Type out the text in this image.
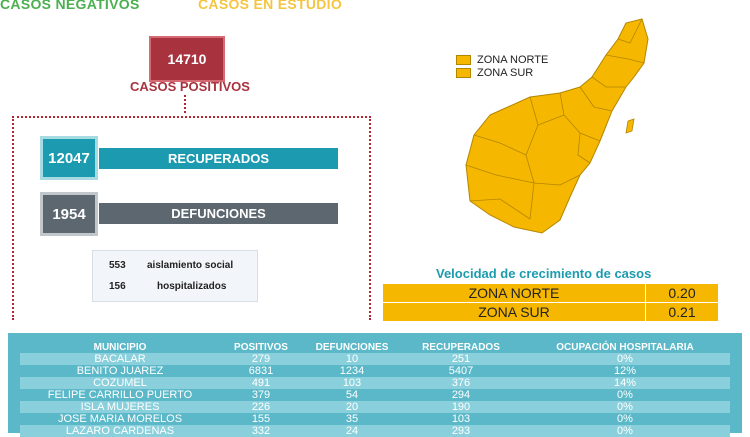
CASOS NEGATIVOS	CASOS EN ESTUDIO
14710
CASOS POSITIVOS
12047	RECUPERADOS
1954	DEFUNCIONES
553 aislamiento social
156	hospitalizados
ZONA NORTE
ZONA SUR
Velocidad de crecimiento de casos
ZONA NORTE	0.20
ZONA SUR	0.21
MUNICIPIO	POSITIVOS	DEFUNCIONES	RECUPERADOS	OCUPACIÓN HOSPITALARIA
BACALAR	279	10	251	0%
BENITO JUAREZ	6831	1234	5407	12%
COZUMEL	491	103	376	14%
FELIPE CARRILLO PUERTO	379	54	294	0%
ISLA MUJERES	226	20	190	0%
JOSE MARIA MORELOS	155	35	103	0%
LAZARO CARDENAS	332	24	293	0%
